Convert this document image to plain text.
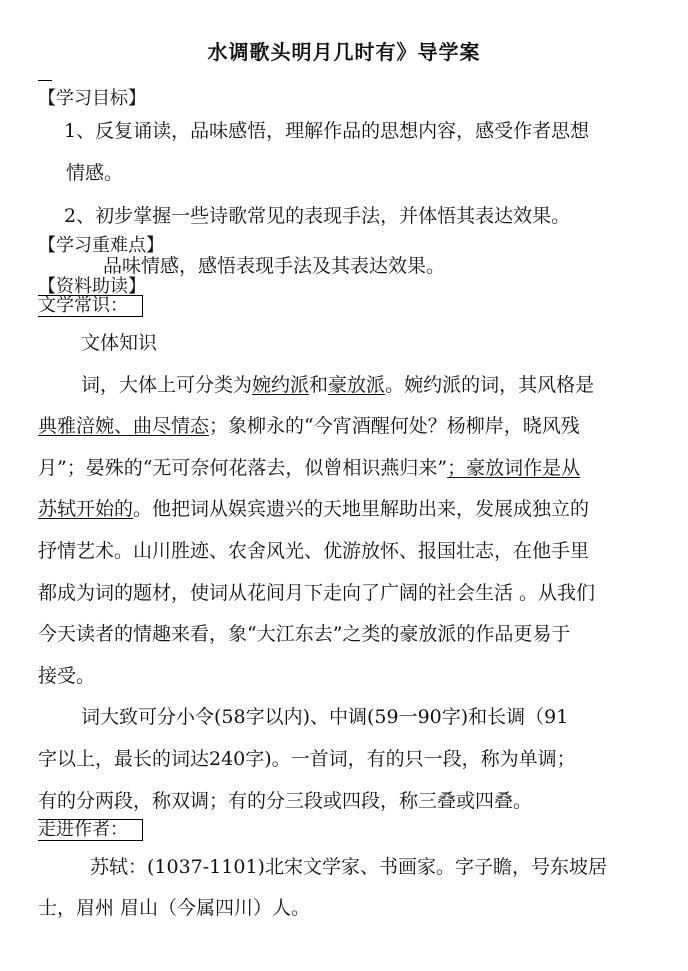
水调歌头明月几时有》导学案
【学习目标】
1、反复诵读，品味感悟，理解作品的思想内容，感受作者思想
情感。
2、初步掌握一些诗歌常见的表现手法，并体悟其表达效果。
【学习重难点】
品味情感，感悟表现手法及其表达效果。
【资料助读】
文学常识：
文体知识
词，大体上可分类为婉约派和豪放派。婉约派的词，其风格是
典雅涪婉、曲尽情态；象柳永的“今宵酒醒何处？杨柳岸，晓风残
月”；晏殊的“无可奈何花落去，似曾相识燕归来”；豪放词作是从
苏轼开始的。他把词从娱宾遗兴的天地里解助出来，发展成独立的
抒情艺术。山川胜迹、农舍风光、优游放怀、报国壮志，在他手里
都成为词的题材，使词从花间月下走向了广阔的社会生活 。从我们
今天读者的情趣来看，象“大江东去”之类的豪放派的作品更易于
接受。
词大致可分小令(58字以内)、中调(59一90字)和长调（91
字以上，最长的词达240字)。一首词，有的只一段，称为单调；
有的分两段，称双调；有的分三段或四段，称三叠或四叠。
走进作者：
苏轼：(1037-1101)北宋文学家、书画家。字子瞻，号东坡居
士，眉州 眉山（今属四川）人。
